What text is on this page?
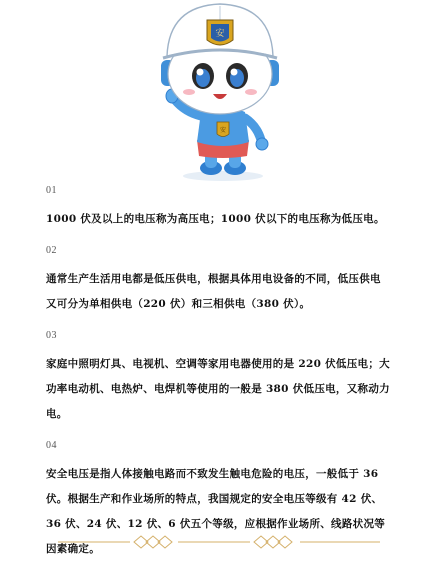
安
安
01

1000 伏及以上的电压称为高压电；1000 伏以下的电压称为低压电。

02

通常生产生活用电都是低压供电，根据具体用电设备的不同，低压供电又可分为单相供电（220 伏）和三相供电（380 伏）。

03

家庭中照明灯具、电视机、空调等家用电器使用的是 220 伏低压电；大功率电动机、电热炉、电焊机等使用的一般是 380 伏低压电，又称动力电。

04

安全电压是指人体接触电路而不致发生触电危险的电压，一般低于 36 伏。根据生产和作业场所的特点，我国规定的安全电压等级有 42 伏、36 伏、24 伏、12 伏、6 伏五个等级，应根据作业场所、线路状况等因素确定。
